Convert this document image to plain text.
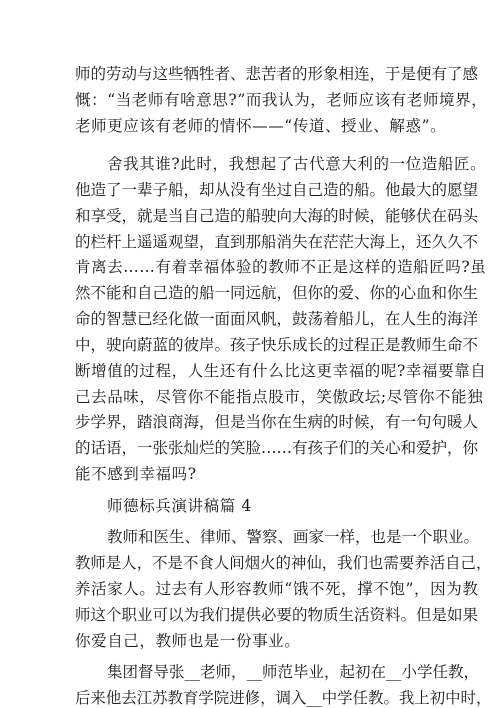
师的劳动与这些牺牲者、悲苦者的形象相连，于是便有了感
慨：“当老师有啥意思?”而我认为，老师应该有老师境界，
老师更应该有老师的情怀——“传道、授业、解惑”。
舍我其谁?此时，我想起了古代意大利的一位造船匠。
他造了一辈子船，却从没有坐过自己造的船。他最大的愿望
和享受，就是当自己造的船驶向大海的时候，能够伏在码头
的栏杆上遥遥观望，直到那船消失在茫茫大海上，还久久不
肯离去……有着幸福体验的教师不正是这样的造船匠吗?虽
然不能和自己造的船一同远航，但你的爱、你的心血和你生
命的智慧已经化做一面面风帆，鼓荡着船儿，在人生的海洋
中，驶向蔚蓝的彼岸。孩子快乐成长的过程正是教师生命不
断增值的过程，人生还有什么比这更幸福的呢?幸福要靠自
己去品味，尽管你不能指点股市，笑傲政坛;尽管你不能独
步学界，踏浪商海，但是当你在生病的时候，有一句句暖人
的话语，一张张灿烂的笑脸……有孩子们的关心和爱护，你
能不感到幸福吗?
师德标兵演讲稿篇 4
教师和医生、律师、警察、画家一样，也是一个职业。
教师是人，不是不食人间烟火的神仙，我们也需要养活自己，
养活家人。过去有人形容教师“饿不死，撑不饱”，因为教
师这个职业可以为我们提供必要的物质生活资料。但是如果
你爱自己，教师也是一份事业。
集团督导张__老师，__师范毕业，起初在__小学任教，
后来他去江苏教育学院进修，调入__中学任教。我上初中时，
